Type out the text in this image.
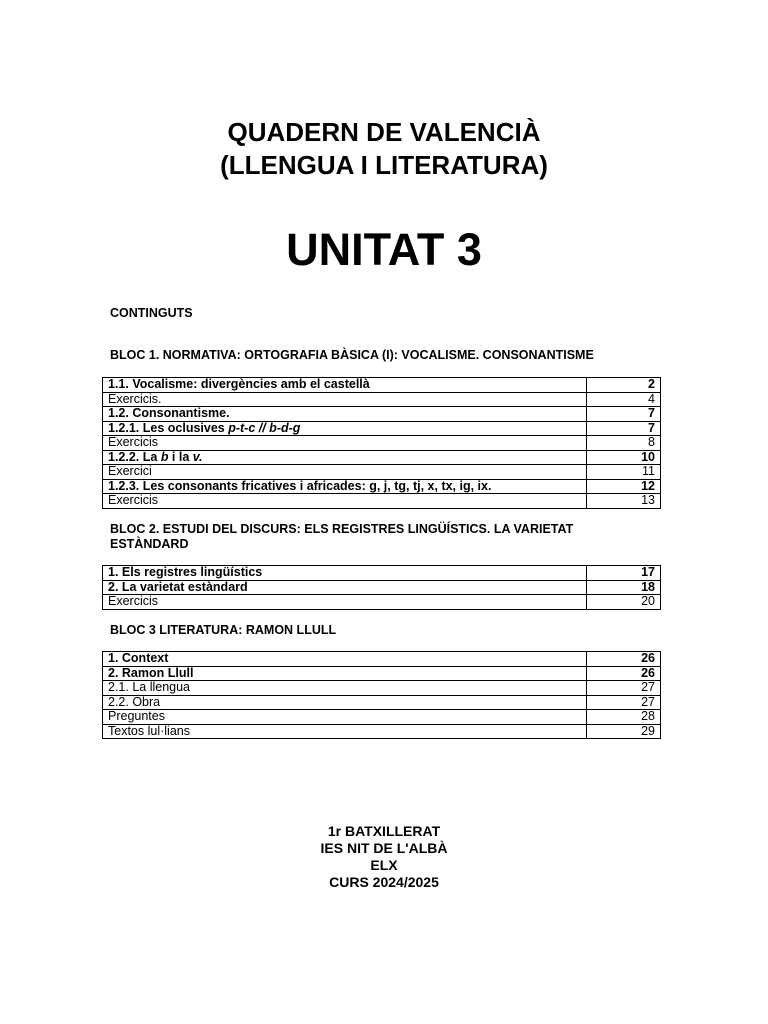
QUADERN DE VALENCIÀ
(LLENGUA I LITERATURA)
UNITAT 3
CONTINGUTS
BLOC 1. NORMATIVA: ORTOGRAFIA BÀSICA (I): VOCALISME. CONSONANTISME
1.1. Vocalisme: divergències amb el castellà	2
Exercicis.	4
1.2. Consonantisme.	7
1.2.1. Les oclusives p-t-c // b-d-g	7
Exercicis	8
1.2.2. La b i la v.	10
Exercici	11
1.2.3. Les consonants fricatives i africades: g, j, tg, tj, x, tx, ig, ix.	12
Exercicis	13
BLOC 2. ESTUDI DEL DISCURS: ELS REGISTRES LINGÜÍSTICS. LA VARIETAT ESTÀNDARD
1. Els registres lingüístics	17
2. La varietat estàndard	18
Exercicis	20
BLOC 3 LITERATURA: RAMON LLULL
1. Context	26
2. Ramon Llull	26
2.1. La llengua	27
2.2. Obra	27
Preguntes	28
Textos lul·lians	29
1r BATXILLERAT
IES NIT DE L'ALBÀ
ELX
CURS 2024/2025
